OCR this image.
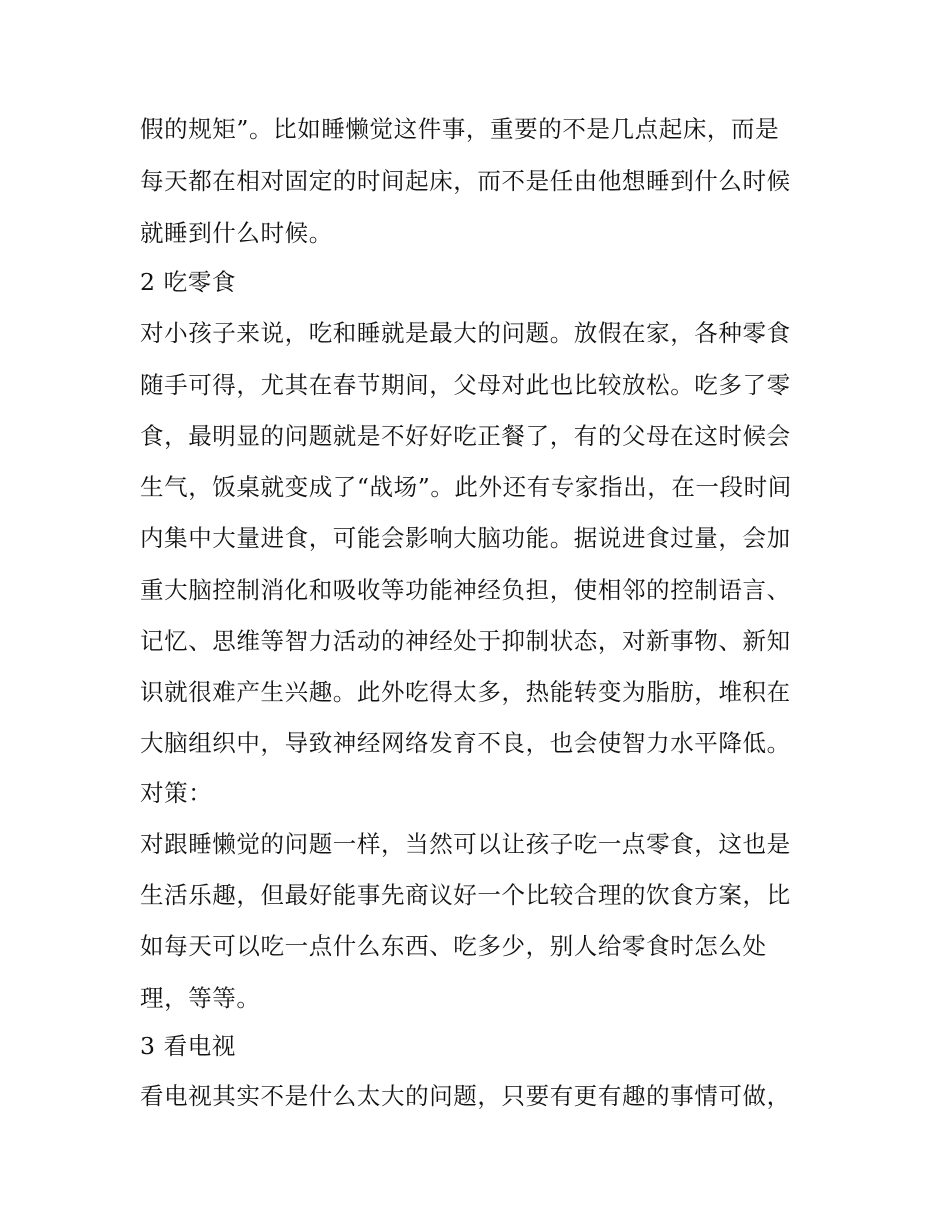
假的规矩”。比如睡懒觉这件事，重要的不是几点起床，而是
每天都在相对固定的时间起床，而不是任由他想睡到什么时候
就睡到什么时候。
2 吃零食
对小孩子来说，吃和睡就是最大的问题。放假在家，各种零食
随手可得，尤其在春节期间，父母对此也比较放松。吃多了零
食，最明显的问题就是不好好吃正餐了，有的父母在这时候会
生气，饭桌就变成了“战场”。此外还有专家指出，在一段时间
内集中大量进食，可能会影响大脑功能。据说进食过量，会加
重大脑控制消化和吸收等功能神经负担，使相邻的控制语言、
记忆、思维等智力活动的神经处于抑制状态，对新事物、新知
识就很难产生兴趣。此外吃得太多，热能转变为脂肪，堆积在
大脑组织中，导致神经网络发育不良，也会使智力水平降低。
对策：
对跟睡懒觉的问题一样，当然可以让孩子吃一点零食，这也是
生活乐趣，但最好能事先商议好一个比较合理的饮食方案，比
如每天可以吃一点什么东西、吃多少，别人给零食时怎么处
理，等等。
3 看电视
看电视其实不是什么太大的问题，只要有更有趣的事情可做，
